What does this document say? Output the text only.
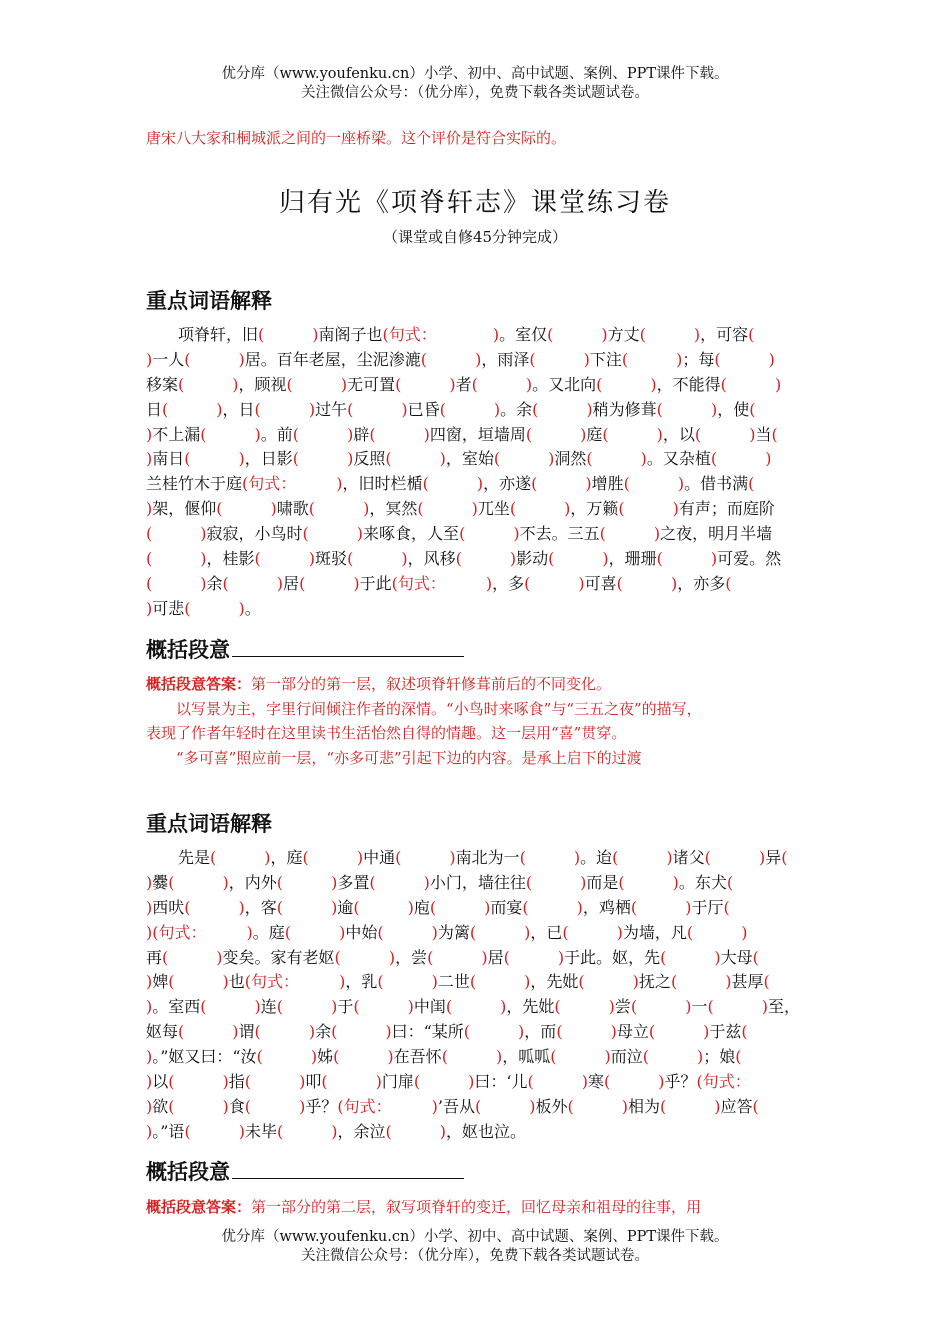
优分库（www.youfenku.cn）小学、初中、高中试题、案例、PPT课件下载。
关注微信公众号：（优分库），免费下载各类试题试卷。
唐宋八大家和桐城派之间的一座桥梁。这个评价是符合实际的。
归有光《项脊轩志》课堂练习卷
（课堂或自修45分钟完成）
重点词语解释
　　项脊轩，旧(　　　	)南阁子也(句式：　　　　	)。室仅(　　　	)方丈(　　　	)，可容(
)一人(　　　	)居。百年老屋，尘泥渗漉(　　　	)，雨泽(　　　	)下注(　　　	)；每(　　　	)
移案(　　　	)，顾视(　　　	)无可置(　　　	)者(　　　	)。又北向(　　　	)，不能得(　　　	)
日(　　　	)，日(　　　	)过午(　　　	)已昏(　　　	)。余(　　　	)稍为修葺(　　　	)，使(
)不上漏(　　　	)。前(　　　	)辟(　　　	)四窗，垣墙周(　　　	)庭(　　　	)，以(　　　	)当(
)南日(　　　	)，日影(　　　	)反照(　　　	)，室始(　　　	)洞然(　　　	)。又杂植(　　　	)
兰桂竹木于庭(句式：　　　	)，旧时栏楯(　　　	)，亦遂(　　　	)增胜(　　　	)。借书满(
)架，偃仰(　　　	)啸歌(　　　	)，冥然(　　　	)兀坐(　　　	)，万籁(　　　	)有声；而庭阶
(　　　	)寂寂，小鸟时(　　　	)来啄食，人至(　　　	)不去。三五(　　　	)之夜，明月半墙
(　　　	)，桂影(　　　	)斑驳(　　　	)，风移(　　　	)影动(　　　	)，珊珊(　　　	)可爱。然
(　　　	)余(　　　	)居(　　　	)于此(句式：　　　	)，多(　　　	)可喜(　　　	)，亦多(
)可悲(　　　	)。
概括段意
概括段意答案：第一部分的第一层，叙述项脊轩修葺前后的不同变化。
　　以写景为主，字里行间倾注作者的深情。“小鸟时来啄食”与“三五之夜”的描写，
表现了作者年轻时在这里读书生活怡然自得的情趣。这一层用“喜”贯穿。
　　“多可喜”照应前一层，“亦多可悲”引起下边的内容。是承上启下的过渡
重点词语解释
　　先是(　　　	)，庭(　　　	)中通(　　　	)南北为一(　　　	)。迨(　　　	)诸父(　　　	)异(
)爨(　　　	)，内外(　　　	)多置(　　　	)小门，墙往往(　　　	)而是(　　　	)。东犬(
)西吠(　　　	)，客(　　　	)逾(　　　	)庖(　　　	)而宴(　　　	)，鸡栖(　　　	)于厅(
)(句式：　　　	)。庭(　　　	)中始(　　　	)为篱(　　　	)，已(　　　	)为墙，凡(　　　	)
再(　　　	)变矣。家有老妪(　　　	)，尝(　　　	)居(　　　	)于此。妪，先(　　　	)大母(
)婢(　　　	)也(句式：　　　	)，乳(　　　	)二世(　　　	)，先妣(　　　	)抚之(　　　	)甚厚(
)。室西(　　　	)连(　　　	)于(　　　	)中闺(　　　	)，先妣(　　　	)尝(　　　	)一(　　　	)至，
妪每(　　　	)谓(　　　	)余(　　　	)曰：“某所(　　　	)，而(　　　	)母立(　　　	)于兹(
)。”妪又曰：“汝(　　　	)姊(　　　	)在吾怀(　　　	)，呱呱(　　　	)而泣(　　　	)；娘(
)以(　　　	)指(　　　	)叩(　　　	)门扉(　　　	)曰：‘儿(　　　	)寒(　　　	)乎？(句式：
)欲(　　　	)食(　　　	)乎？(句式：　　　	)’吾从(　　　	)板外(　　　	)相为(　　　	)应答(
)。”语(　　　	)未毕(　　　	)，余泣(　　　	)，妪也泣。
概括段意
概括段意答案：第一部分的第二层，叙写项脊轩的变迁，回忆母亲和祖母的往事，用
优分库（www.youfenku.cn）小学、初中、高中试题、案例、PPT课件下载。
关注微信公众号：（优分库），免费下载各类试题试卷。
